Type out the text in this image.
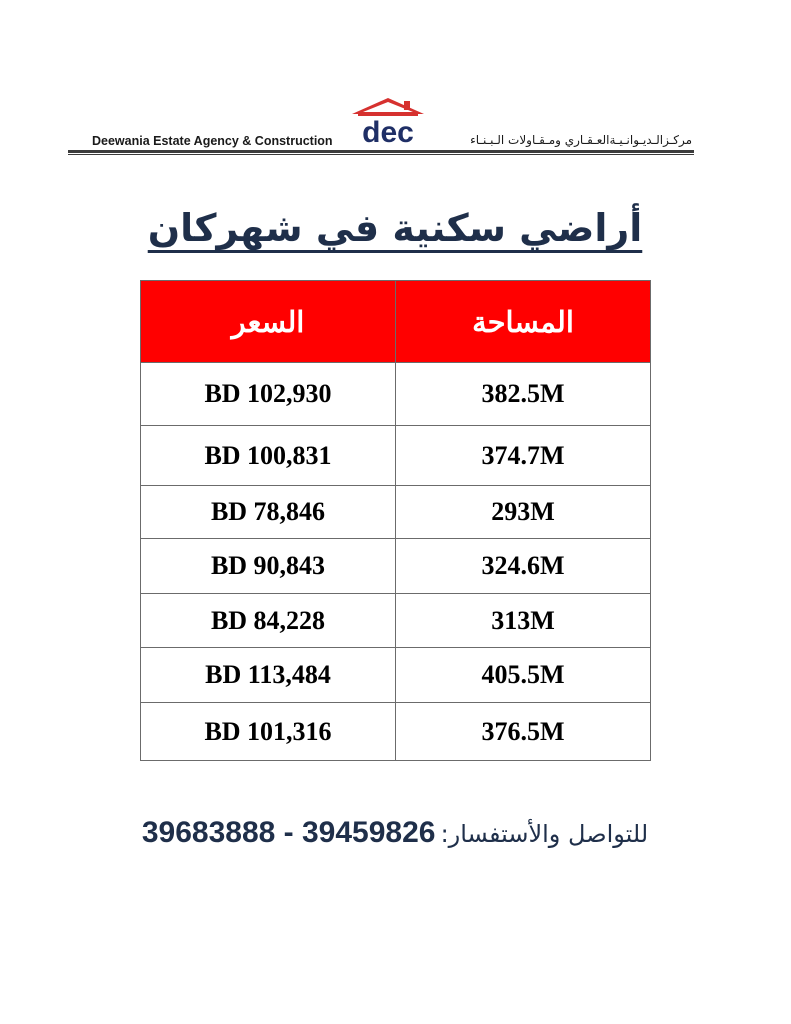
Deewania Estate Agency & Construction dec	مركـزالـديـوانـيـةالعـقـاري ومـقـاولات الـبـنـاء
أراضي سكنية في شهركان
السعر	المساحة
BD 102,930	382.5M
BD 100,831	374.7M
BD 78,846	293M
BD 90,843	324.6M
BD 84,228	313M
BD 113,484	405.5M
BD 101,316	376.5M
للتواصل والأستفسار: 39683888 - 39459826
